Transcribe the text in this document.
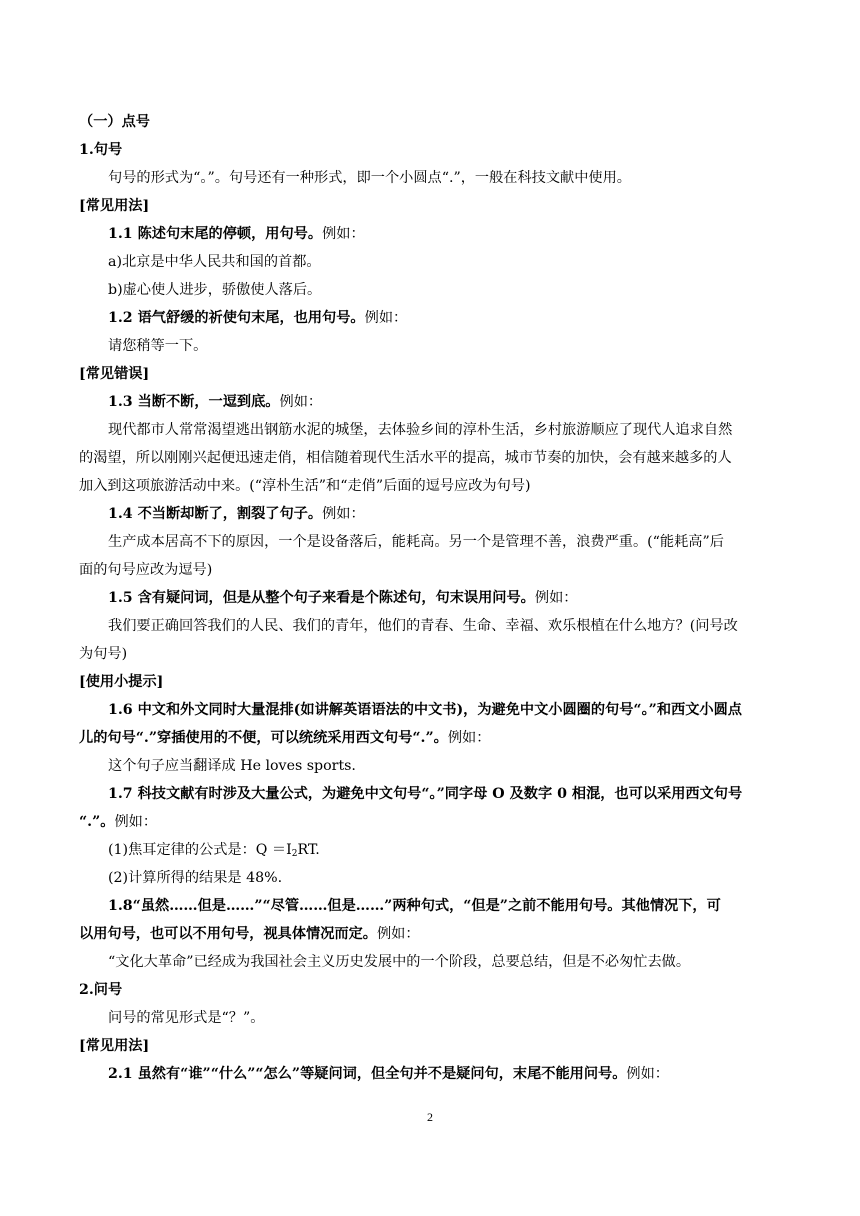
（一）点号

1.句号

句号的形式为“。”。句号还有一种形式，即一个小圆点“.”，一般在科技文献中使用。

[常见用法]

1.1 陈述句末尾的停顿，用句号。例如：

a)北京是中华人民共和国的首都。

b)虚心使人进步，骄傲使人落后。

1.2 语气舒缓的祈使句末尾，也用句号。例如：

请您稍等一下。

[常见错误]

1.3 当断不断，一逗到底。例如：

现代都市人常常渴望逃出钢筋水泥的城堡，去体验乡间的淳朴生活，乡村旅游顺应了现代人追求自然

的渴望，所以刚刚兴起便迅速走俏，相信随着现代生活水平的提高，城市节奏的加快，会有越来越多的人

加入到这项旅游活动中来。(“淳朴生活”和“走俏”后面的逗号应改为句号)

1.4 不当断却断了，割裂了句子。例如：

生产成本居高不下的原因，一个是设备落后，能耗高。另一个是管理不善，浪费严重。(“能耗高”后

面的句号应改为逗号)

1.5 含有疑问词，但是从整个句子来看是个陈述句，句末误用问号。例如：

我们要正确回答我们的人民、我们的青年，他们的青春、生命、幸福、欢乐根植在什么地方？(问号改

为句号)

[使用小提示]

1.6 中文和外文同时大量混排(如讲解英语语法的中文书)，为避免中文小圆圈的句号“。”和西文小圆点

儿的句号“.”穿插使用的不便，可以统统采用西文句号“.”。例如：

这个句子应当翻译成 He loves sports.

1.7 科技文献有时涉及大量公式，为避免中文句号“。”同字母 O 及数字 0 相混，也可以采用西文句号

“.”。例如：

(1)焦耳定律的公式是：$Q =I_2RT$.

(2)计算所得的结果是 48%.

1.8“虽然……但是……”“尽管……但是……”两种句式，“但是”之前不能用句号。其他情况下，可

以用句号，也可以不用句号，视具体情况而定。例如：

“文化大革命”已经成为我国社会主义历史发展中的一个阶段，总要总结，但是不必匆忙去做。

2.问号

问号的常见形式是“？”。

[常见用法]

2.1 虽然有“谁”“什么”“怎么”等疑问词，但全句并不是疑问句，末尾不能用问号。例如：

2
